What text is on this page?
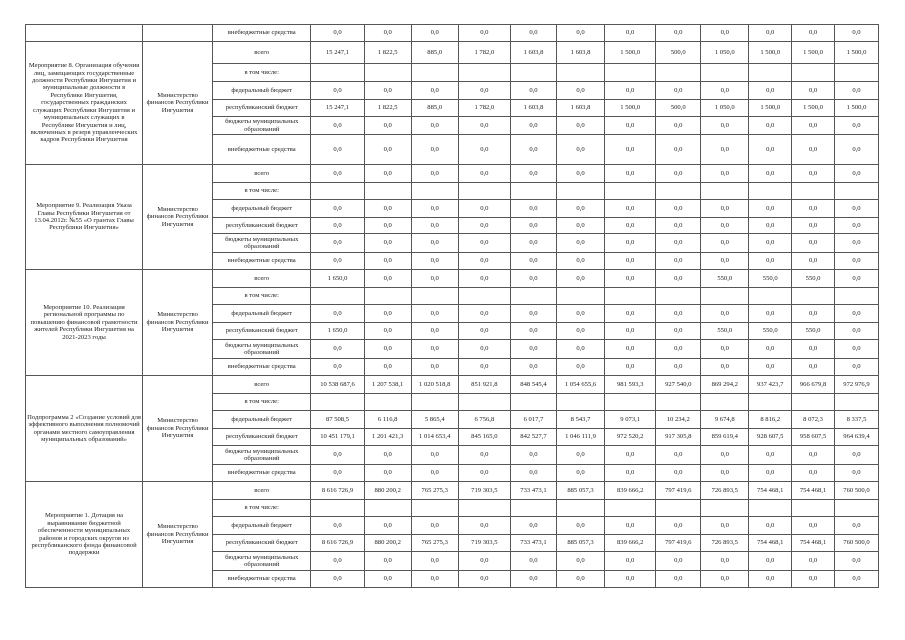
		внебюджетные средства	0,0	0,0	0,0	0,0	0,0	0,0	0,0	0,0	0,0	0,0	0,0	0,0
Мероприятие 8. Организация обучения лиц, замещающих государственные должности Республики Ингушетия и муниципальные должности в Республике Ингушетия, государственных гражданских служащих Республики Ингушетия и муниципальных служащих в Республике Ингушетия и лиц, включенных в резерв управленческих кадров Республики Ингушетия	Министерство финансов Республики Ингушетия	всего	15 247,1	1 822,5	885,0	1 782,0	1 603,8	1 603,8	1 500,0	500,0	1 050,0	1 500,0	1 500,0	1 500,0
		в том числе:												
		федеральный бюджет	0,0	0,0	0,0	0,0	0,0	0,0	0,0	0,0	0,0	0,0	0,0	0,0
		республиканский бюджет	15 247,1	1 822,5	885,0	1 782,0	1 603,8	1 603,8	1 500,0	500,0	1 050,0	1 500,0	1 500,0	1 500,0
		бюджеты муниципальных образований	0,0	0,0	0,0	0,0	0,0	0,0	0,0	0,0	0,0	0,0	0,0	0,0
		внебюджетные средства	0,0	0,0	0,0	0,0	0,0	0,0	0,0	0,0	0,0	0,0	0,0	0,0
Мероприятие 9. Реализация Указа Главы Республики Ингушетия от 13.04.2012г. №55 «О грантах Главы Республики Ингушетия»	Министерство финансов Республики Ингушетия	всего	0,0	0,0	0,0	0,0	0,0	0,0	0,0	0,0	0,0	0,0	0,0	0,0
		в том числе:												
		федеральный бюджет	0,0	0,0	0,0	0,0	0,0	0,0	0,0	0,0	0,0	0,0	0,0	0,0
		республиканский бюджет	0,0	0,0	0,0	0,0	0,0	0,0	0,0	0,0	0,0	0,0	0,0	0,0
		бюджеты муниципальных образований	0,0	0,0	0,0	0,0	0,0	0,0	0,0	0,0	0,0	0,0	0,0	0,0
		внебюджетные средства	0,0	0,0	0,0	0,0	0,0	0,0	0,0	0,0	0,0	0,0	0,0	0,0
Мероприятие 10. Реализация региональной программы по повышению финансовой грамотности жителей Республики Ингушетия на 2021-2023 годы	Министерство финансов Республики Ингушетия	всего	1 650,0	0,0	0,0	0,0	0,0	0,0	0,0	0,0	550,0	550,0	550,0	0,0
		в том числе:												
		федеральный бюджет	0,0	0,0	0,0	0,0	0,0	0,0	0,0	0,0	0,0	0,0	0,0	0,0
		республиканский бюджет	1 650,0	0,0	0,0	0,0	0,0	0,0	0,0	0,0	550,0	550,0	550,0	0,0
		бюджеты муниципальных образований	0,0	0,0	0,0	0,0	0,0	0,0	0,0	0,0	0,0	0,0	0,0	0,0
		внебюджетные средства	0,0	0,0	0,0	0,0	0,0	0,0	0,0	0,0	0,0	0,0	0,0	0,0
Подпрограмма 2 «Создание условий для эффективного выполнения полномочий органами местного самоуправления муниципальных образований»	Министерство финансов Республики Ингушетия	всего	10 538 687,6	1 207 538,1	1 020 518,8	851 921,8	848 545,4	1 054 655,6	981 593,3	927 540,0	869 294,2	937 423,7	966 679,8	972 976,9
		в том числе:												
		федеральный бюджет	87 508,5	6 116,8	5 865,4	6 756,8	6 017,7	8 543,7	9 073,1	10 234,2	9 674,8	8 816,2	8 072,3	8 337,5
		республиканский бюджет	10 451 179,1	1 201 421,3	1 014 653,4	845 165,0	842 527,7	1 046 111,9	972 520,2	917 305,8	859 619,4	928 607,5	958 607,5	964 639,4
		бюджеты муниципальных образований	0,0	0,0	0,0	0,0	0,0	0,0	0,0	0,0	0,0	0,0	0,0	0,0
		внебюджетные средства	0,0	0,0	0,0	0,0	0,0	0,0	0,0	0,0	0,0	0,0	0,0	0,0
Мероприятие 1. Дотация на выравнивание бюджетной обеспеченности муниципальных районов и городских округов из республиканского фонда финансовой поддержки	Министерство финансов Республики Ингушетия	всего	8 616 726,9	880 200,2	765 275,3	719 303,5	733 473,1	885 057,3	839 666,2	797 419,6	726 893,5	754 468,1	754 468,1	760 500,0
		в том числе:												
		федеральный бюджет	0,0	0,0	0,0	0,0	0,0	0,0	0,0	0,0	0,0	0,0	0,0	0,0
		республиканский бюджет	8 616 726,9	880 200,2	765 275,3	719 303,5	733 473,1	885 057,3	839 666,2	797 419,6	726 893,5	754 468,1	754 468,1	760 500,0
		бюджеты муниципальных образований	0,0	0,0	0,0	0,0	0,0	0,0	0,0	0,0	0,0	0,0	0,0	0,0
		внебюджетные средства	0,0	0,0	0,0	0,0	0,0	0,0	0,0	0,0	0,0	0,0	0,0	0,0
